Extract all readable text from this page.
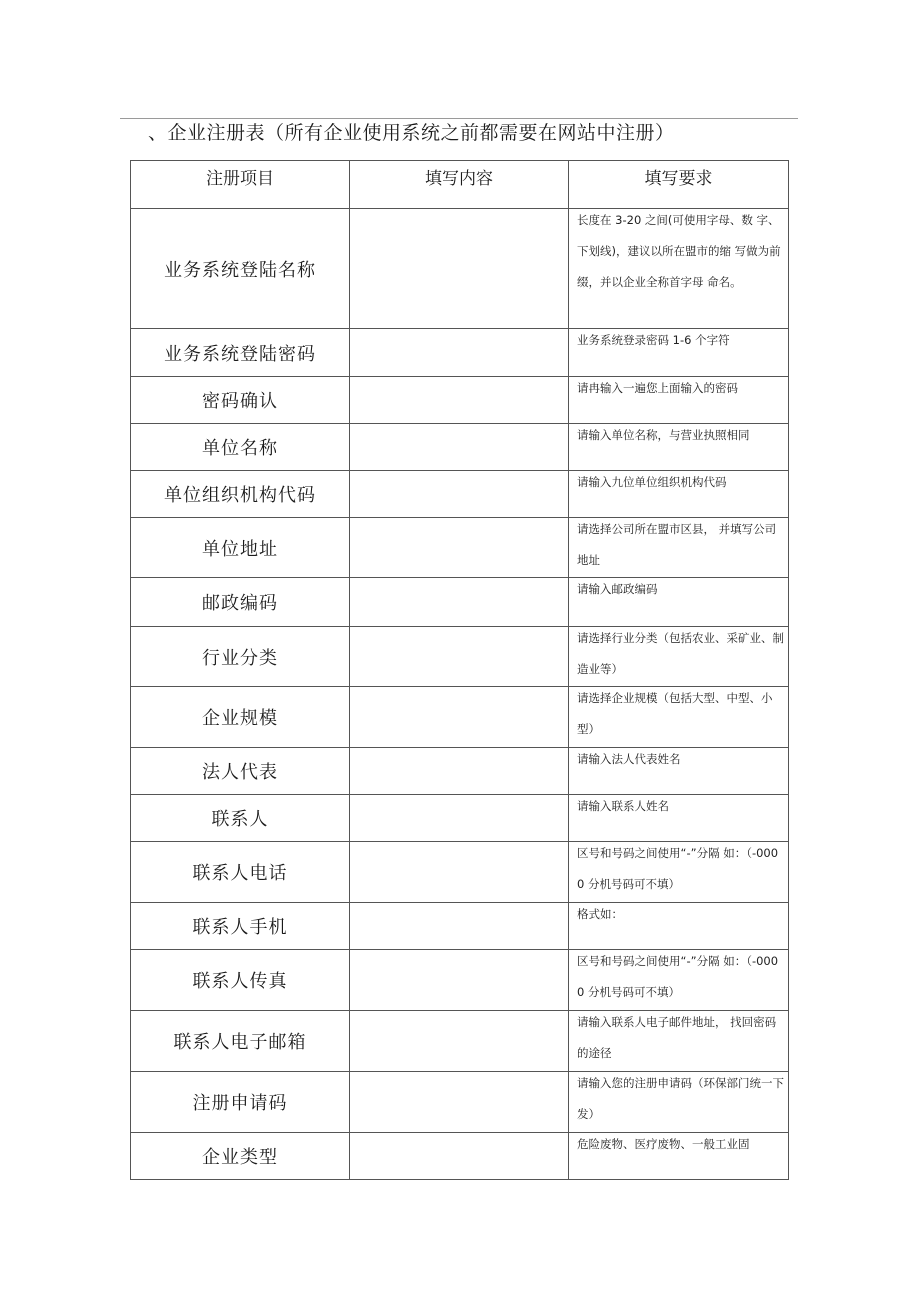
、企业注册表（所有企业使用系统之前都需要在网站中注册）
注册项目	填写内容	填写要求
业务系统登陆名称		长度在 3-20 之间(可使用字母、数 字、下划线)，建议以所在盟市的缩 写做为前缀，并以企业全称首字母 命名。

业务系统登陆密码		业务系统登录密码 1-6 个字符

密码确认		请冉输入一遍您上面输入的密码

单位名称		请输入单位名称，与营业执照相同

单位组织机构代码		请输入九位单位组织机构代码

单位地址		请选择公司所在盟市区县， 并填写公司地址

邮政编码		请输入邮政编码

行业分类		请选择行业分类（包括农业、采矿业、制造业等）

企业规模		请选择企业规模（包括大型、中型、小型）

法人代表		请输入法人代表姓名

联系人		请输入联系人姓名

联系人电话		区号和号码之间使用“-”分隔 如：（-0000 分机号码可不填）

联系人手机		格式如：

联系人传真		区号和号码之间使用“-”分隔 如：（-0000 分机号码可不填）

联系人电子邮箱		请输入联系人电子邮件地址， 找回密码的途径

注册申请码		请输入您的注册申请码（环保部门统一下发）

企业类型		危险废物、医疗废物、一般工业固
